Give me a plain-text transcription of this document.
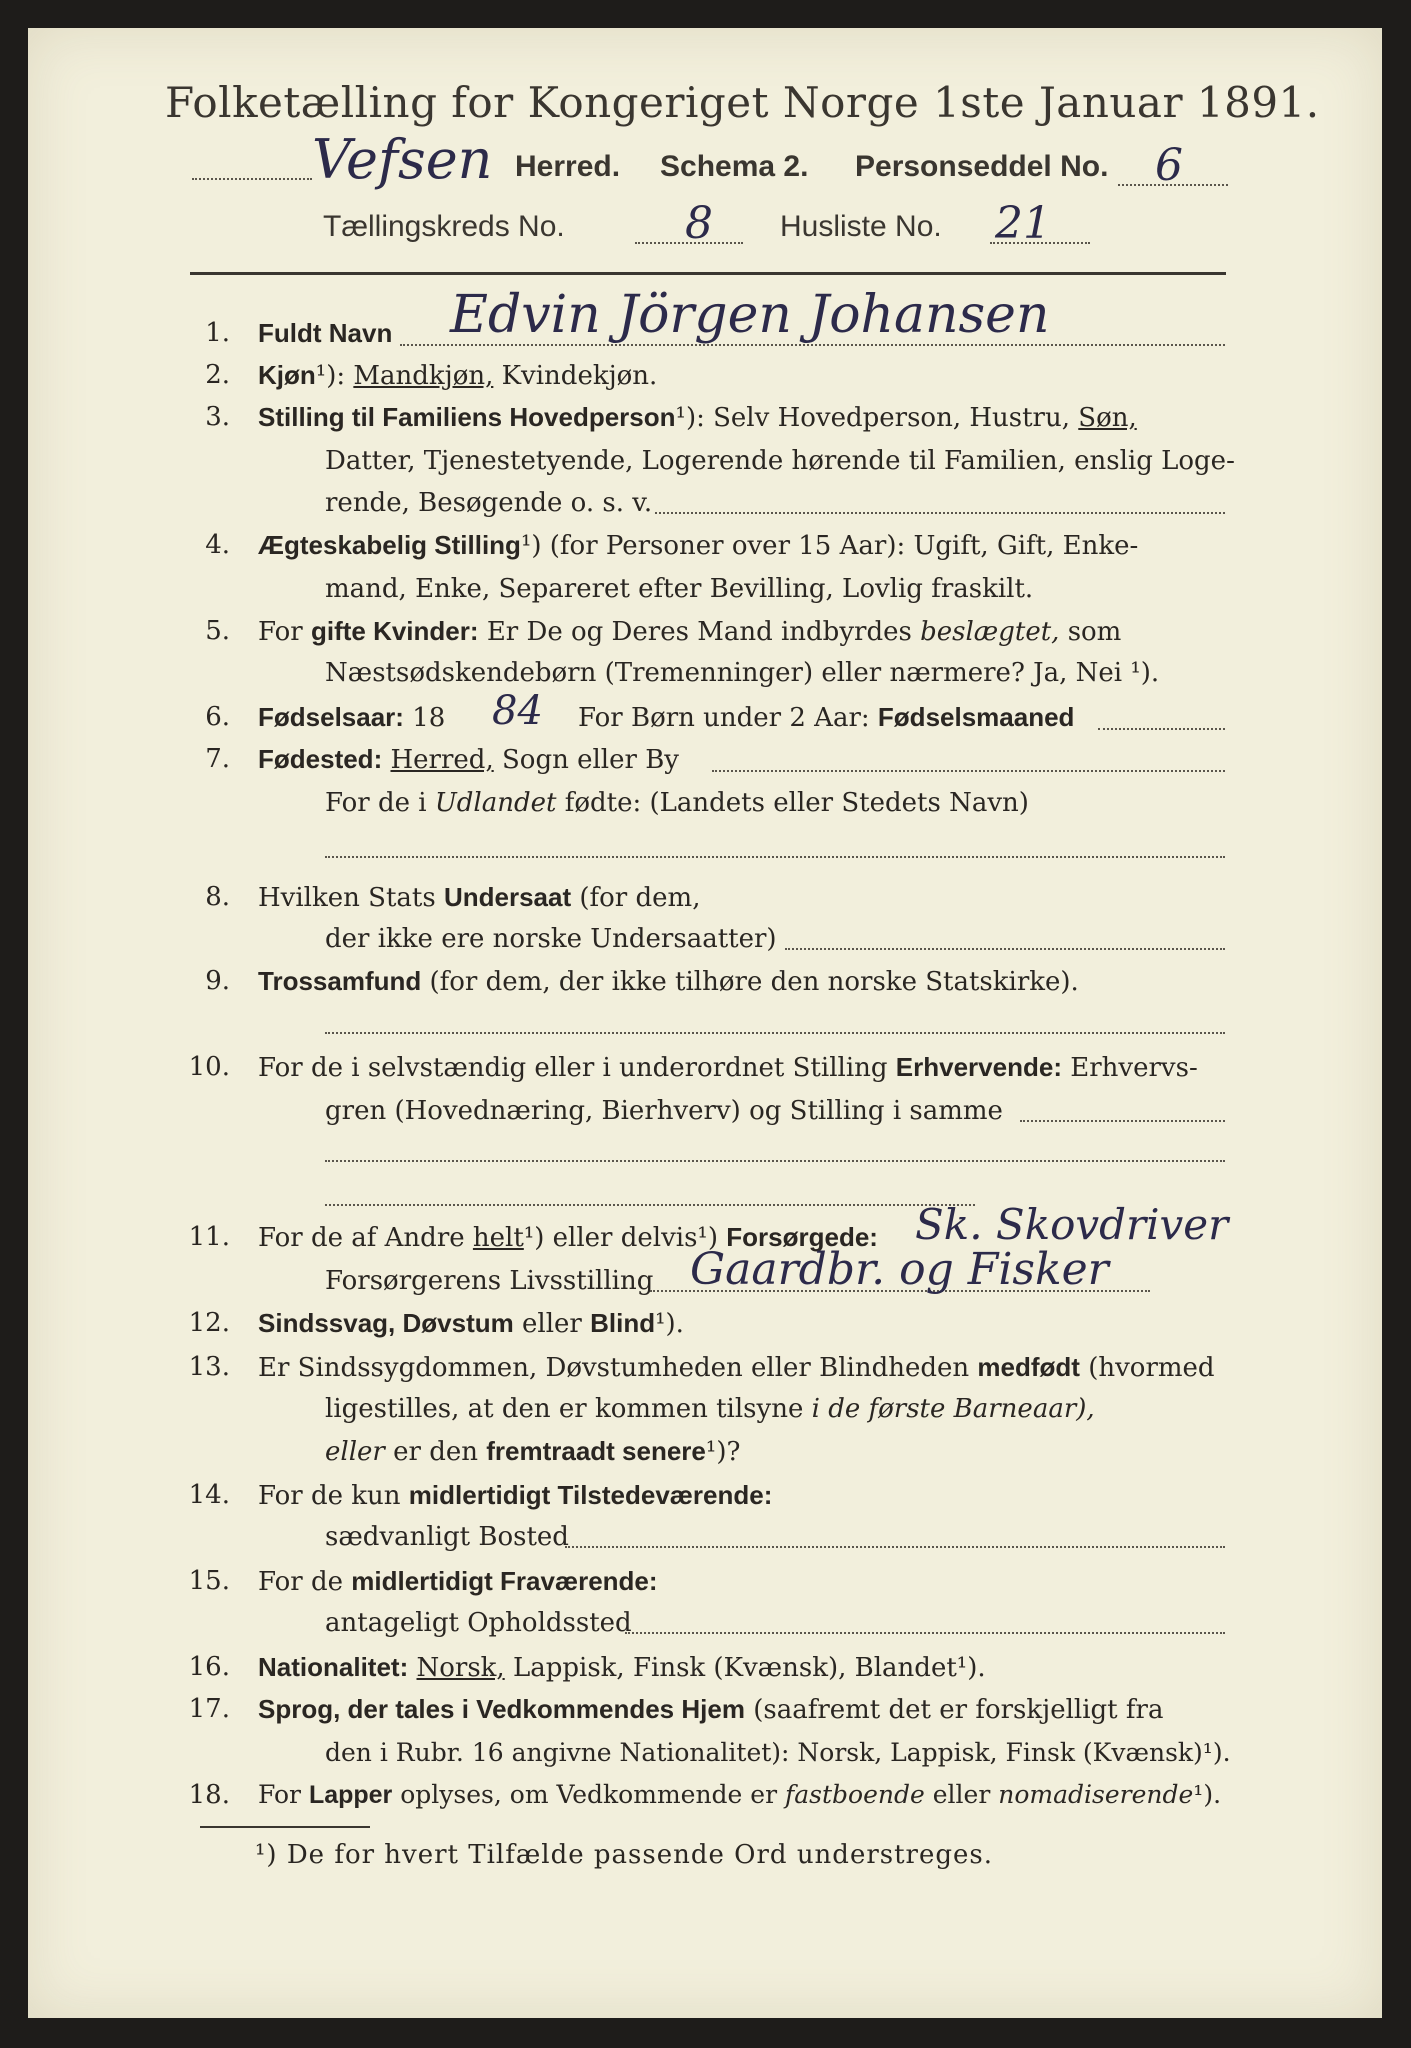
Folketælling for Kongeriget Norge 1ste Januar 1891.
Vefsen Herred. Schema 2. Personseddel No. 6
Tællingskreds No.	8 Husliste No. 21
1.
2.
3.
4.
5.
6.
7.
8.
9.
10.
11.
12.
13.
14.
15.
16.
17.
18.
Fuldt Navn Edvin Jörgen Johansen
Kjøn¹): Mandkjøn, Kvindekjøn.
Stilling til Familiens Hovedperson¹): Selv Hovedperson, Hustru, Søn,
Datter, Tjenestetyende, Logerende hørende til Familien, enslig Loge-
rende, Besøgende o. s. v.
Ægteskabelig Stilling¹) (for Personer over 15 Aar): Ugift, Gift, Enke-
mand, Enke, Separeret efter Bevilling, Lovlig fraskilt.
For gifte Kvinder: Er De og Deres Mand indbyrdes beslægtet, som
Næstsødskendebørn (Tremenninger) eller nærmere? Ja, Nei ¹).
Fødselsaar: 18 84 For Børn under 2 Aar: Fødselsmaaned
Fødested: Herred, Sogn eller By
For de i Udlandet fødte: (Landets eller Stedets Navn)
Hvilken Stats Undersaat (for dem,
der ikke ere norske Undersaatter)
Trossamfund (for dem, der ikke tilhøre den norske Statskirke).
For de i selvstændig eller i underordnet Stilling Erhvervende: Erhvervs-
gren (Hovednæring, Bierhverv) og Stilling i samme
For de af Andre helt¹) eller delvis¹) Forsørgede: Sk. Skovdriver
Forsørgerens Livsstilling Gaardbr. og Fisker
Sindssvag, Døvstum eller Blind¹).
Er Sindssygdommen, Døvstumheden eller Blindheden medfødt (hvormed
ligestilles, at den er kommen tilsyne i de første Barneaar),
eller er den fremtraadt senere¹)?
For de kun midlertidigt Tilstedeværende:
sædvanligt Bosted
For de midlertidigt Fraværende:
antageligt Opholdssted
Nationalitet: Norsk, Lappisk, Finsk (Kvænsk), Blandet¹).
Sprog, der tales i Vedkommendes Hjem (saafremt det er forskjelligt fra
den i Rubr. 16 angivne Nationalitet): Norsk, Lappisk, Finsk (Kvænsk)¹).
For Lapper oplyses, om Vedkommende er fastboende eller nomadiserende¹).
¹) De for hvert Tilfælde passende Ord understreges.
